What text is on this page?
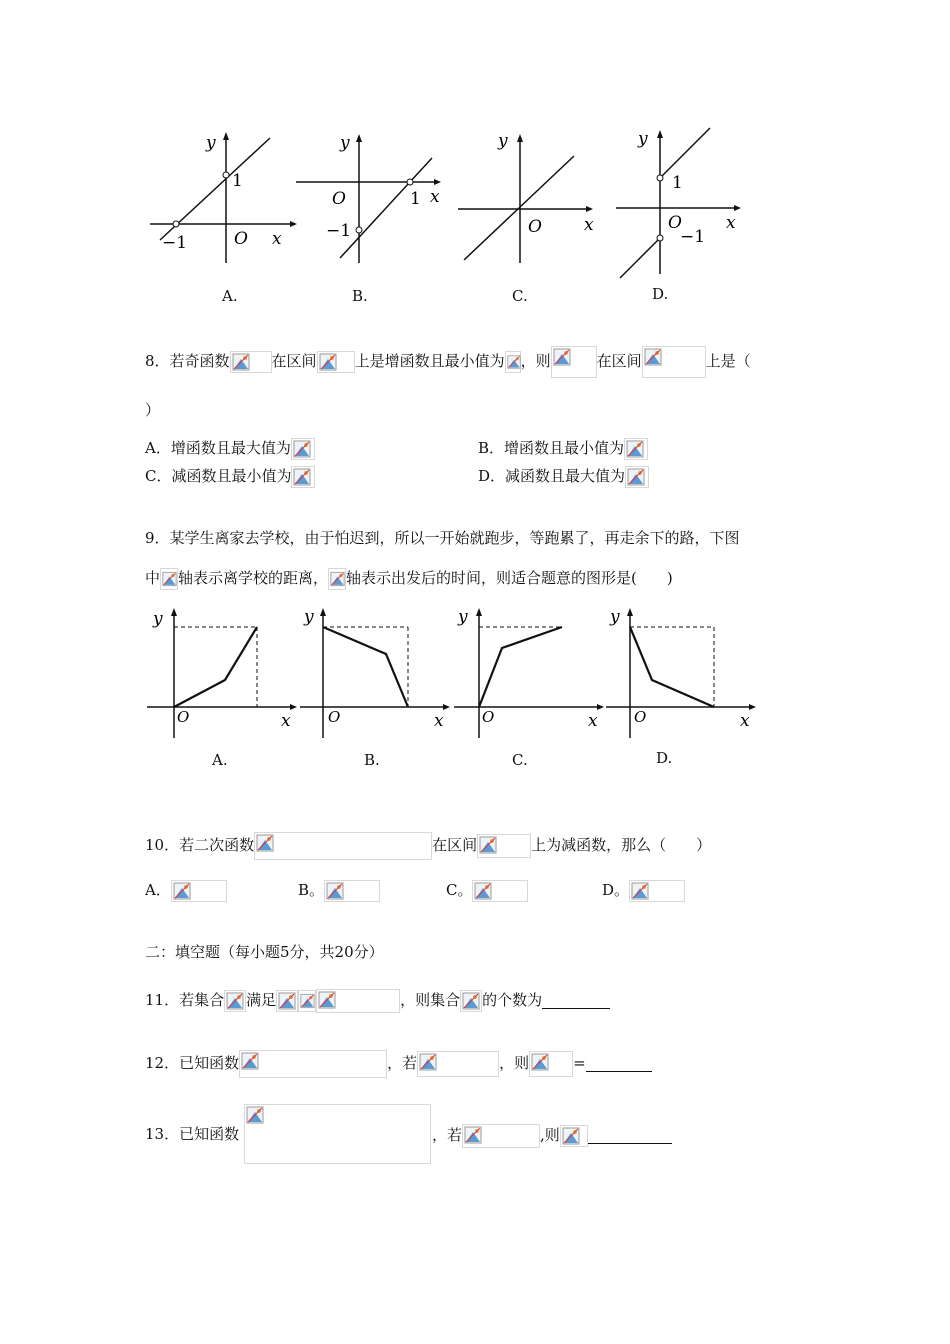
y
x
O
1
−1
y
x
O	1
−1
y
x
O
y
x
O
1
−1
A.	B.	C.	D.
8．若奇函数	在区间	上是增函数且最小值为 ，则	在区间	上是（
）
A．增函数且最大值为	B．增函数且最小值为
C．减函数且最小值为	D．减函数且最大值为
9．某学生离家去学校，由于怕迟到，所以一开始就跑步，等跑累了，再走余下的路，下图
中 轴表示离学校的距离， 轴表示出发后的时间，则适合题意的图形是(　　)
y
x
O
y
x
O
y
x
O
y
x
O
A.	B.	C.	D.
10．若二次函数	在区间	上为减函数，那么（　　）
A．	B。	C。	D。
二：填空题（每小题5分，共20分）
11．若集合 满足	，则集合 的个数为
12．已知函数	，若	，则	=
13．已知函数	，若	,则
